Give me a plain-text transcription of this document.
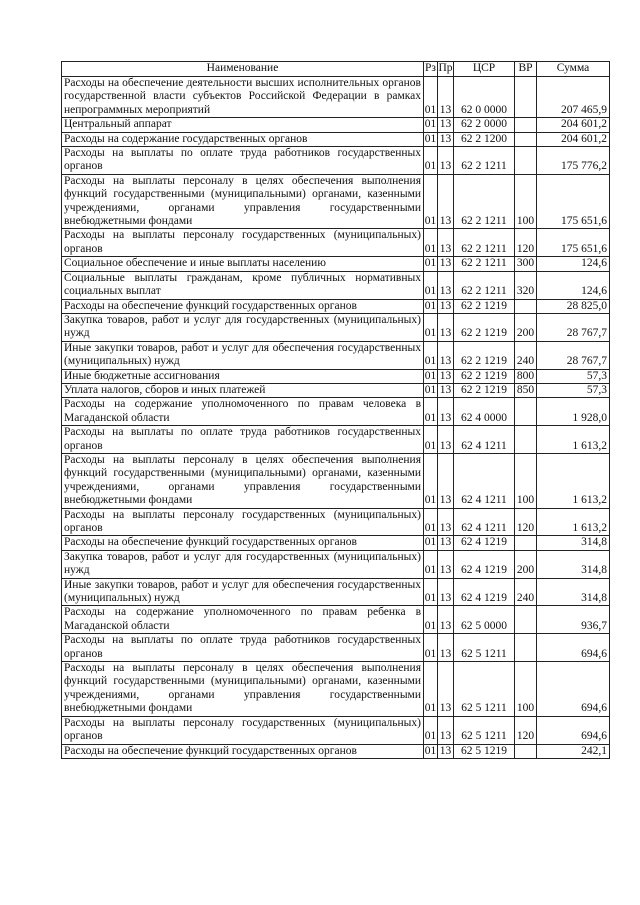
Наименование	Рз	Пр	ЦСР	ВР	Сумма
Расходы на обеспечение деятельности высших исполнительных органов государственной власти субъектов Российской Федерации в рамках непрограммных мероприятий	01	13	62 0 0000		207 465,9
Центральный аппарат	01	13	62 2 0000		204 601,2
Расходы на содержание государственных органов	01	13	62 2 1200		204 601,2
Расходы на выплаты по оплате труда работников государственных органов	01	13	62 2 1211		175 776,2
Расходы на выплаты персоналу в целях обеспечения выполнения функций государственными (муниципальными) органами, казенными учреждениями, органами управления государственными внебюджетными фондами	01	13	62 2 1211	100	175 651,6
Расходы на выплаты персоналу государственных (муниципальных) органов	01	13	62 2 1211	120	175 651,6
Социальное обеспечение и иные выплаты населению	01	13	62 2 1211	300	124,6
Социальные выплаты гражданам, кроме публичных нормативных социальных выплат	01	13	62 2 1211	320	124,6
Расходы на обеспечение функций государственных органов	01	13	62 2 1219		28 825,0
Закупка товаров, работ и услуг для государственных (муниципальных) нужд	01	13	62 2 1219	200	28 767,7
Иные закупки товаров, работ и услуг для обеспечения государственных (муниципальных) нужд	01	13	62 2 1219	240	28 767,7
Иные бюджетные ассигнования	01	13	62 2 1219	800	57,3
Уплата налогов, сборов и иных платежей	01	13	62 2 1219	850	57,3
Расходы на содержание уполномоченного по правам человека в Магаданской области	01	13	62 4 0000		1 928,0
Расходы на выплаты по оплате труда работников государственных органов	01	13	62 4 1211		1 613,2
Расходы на выплаты персоналу в целях обеспечения выполнения функций государственными (муниципальными) органами, казенными учреждениями, органами управления государственными внебюджетными фондами	01	13	62 4 1211	100	1 613,2
Расходы на выплаты персоналу государственных (муниципальных) органов	01	13	62 4 1211	120	1 613,2
Расходы на обеспечение функций государственных органов	01	13	62 4 1219		314,8
Закупка товаров, работ и услуг для государственных (муниципальных) нужд	01	13	62 4 1219	200	314,8
Иные закупки товаров, работ и услуг для обеспечения государственных (муниципальных) нужд	01	13	62 4 1219	240	314,8
Расходы на содержание уполномоченного по правам ребенка в Магаданской области	01	13	62 5 0000		936,7
Расходы на выплаты по оплате труда работников государственных органов	01	13	62 5 1211		694,6
Расходы на выплаты персоналу в целях обеспечения выполнения функций государственными (муниципальными) органами, казенными учреждениями, органами управления государственными внебюджетными фондами	01	13	62 5 1211	100	694,6
Расходы на выплаты персоналу государственных (муниципальных) органов	01	13	62 5 1211	120	694,6
Расходы на обеспечение функций государственных органов	01	13	62 5 1219		242,1
